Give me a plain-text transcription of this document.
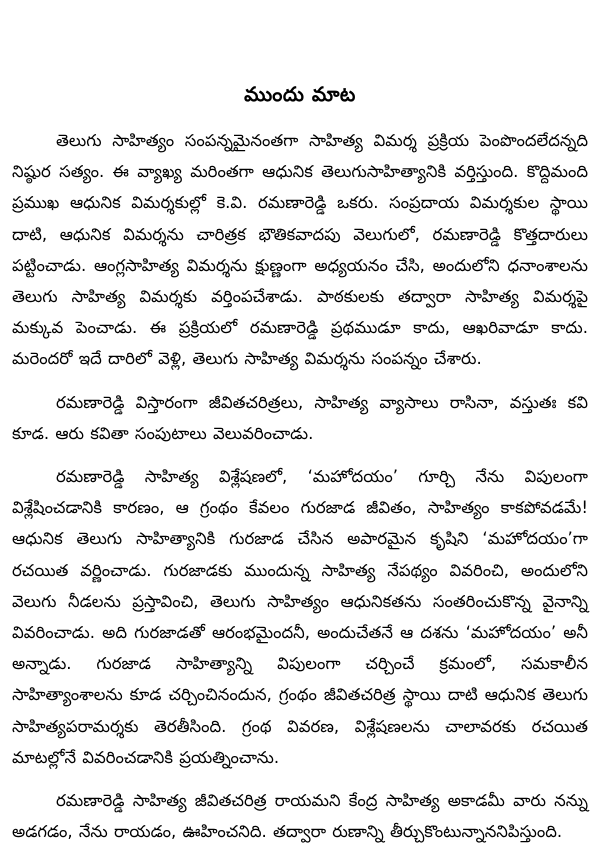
ముందు మాట

తెలుగు సాహిత్యం సంపన్నమైనంతగా సాహిత్య విమర్శ ప్రక్రియ పెంపొందలేదన్నది నిష్ఠుర సత్యం. ఈ వ్యాఖ్య మరింతగా ఆధునిక తెలుగుసాహిత్యానికి వర్తిస్తుంది. కొద్దిమంది ప్రముఖ ఆధునిక విమర్శకుల్లో కె.వి. రమణారెడ్డి ఒకరు. సంప్రదాయ విమర్శకుల స్థాయి దాటి, ఆధునిక విమర్శను చారిత్రక భౌతికవాదపు వెలుగులో, రమణారెడ్డి కొత్తదారులు పట్టించాడు. ఆంగ్లసాహిత్య విమర్శను క్షుణ్ణంగా అధ్యయనం చేసి, అందులోని ధనాంశాలను తెలుగు సాహిత్య విమర్శకు వర్తింపచేశాడు. పాఠకులకు తద్వారా సాహిత్య విమర్శపై మక్కువ పెంచాడు. ఈ ప్రక్రియలో రమణారెడ్డి ప్రథముడూ కాదు, ఆఖరివాడూ కాదు. మరెందరో ఇదే దారిలో వెళ్లి, తెలుగు సాహిత్య విమర్శను సంపన్నం చేశారు.

రమణారెడ్డి విస్తారంగా జీవితచరిత్రలు, సాహిత్య వ్యాసాలు రాసినా, వస్తుతః కవి కూడ. ఆరు కవితా సంపుటాలు వెలువరించాడు.

రమణారెడ్డి సాహిత్య విశ్లేషణలో, ‘మహోదయం’ గూర్చి నేను విపులంగా విశ్లేషించడానికి కారణం, ఆ గ్రంథం కేవలం గురజాడ జీవితం, సాహిత్యం కాకపోవడమే! ఆధునిక తెలుగు సాహిత్యానికి గురజాడ చేసిన అపారమైన కృషిని ‘మహోదయం’గా రచయిత వర్ణించాడు. గురజాడకు ముందున్న సాహిత్య నేపథ్యం వివరించి, అందులోని వెలుగు నీడలను ప్రస్తావించి, తెలుగు సాహిత్యం ఆధునికతను సంతరించుకొన్న వైనాన్ని వివరించాడు. అది గురజాడతో ఆరంభమైందనీ, అందుచేతనే ఆ దశను ‘మహోదయం’ అనీ అన్నాడు. గురజాడ సాహిత్యాన్ని విపులంగా చర్చించే క్రమంలో, సమకాలీన సాహిత్యాంశాలను కూడ చర్చించినందున, గ్రంథం జీవితచరిత్ర స్థాయి దాటి ఆధునిక తెలుగు సాహిత్యపరామర్శకు తెరతీసింది. గ్రంథ వివరణ, విశ్లేషణలను చాలావరకు రచయిత మాటల్లోనే వివరించడానికి ప్రయత్నించాను.

రమణారెడ్డి సాహిత్య జీవితచరిత్ర రాయమని కేంద్ర సాహిత్య అకాడమీ వారు నన్ను అడగడం, నేను రాయడం, ఊహించనిది. తద్వారా రుణాన్ని తీర్చుకొంటున్నాననిపిస్తుంది.
